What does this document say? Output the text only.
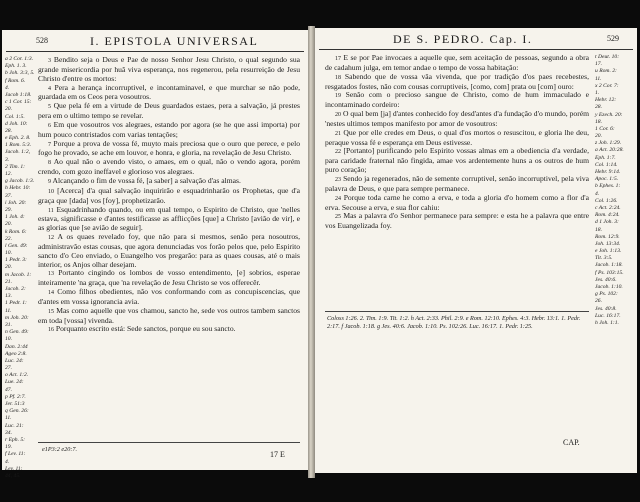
528	I. EPISTOLA UNIVERSAL
a 2 Cor. 1:3.
Eph. 1. 3.
b Joh. 3:3, 5.
f Rom. 6.
4.
Jacob 1:18.
c 1 Cor. 15:
20.
Col. 1:5.
d Joh. 10:
28.
e Eph. 2. 8.
1 Rom. 5:3.
Jacob. 1:2,
3.
2 Tim. 1:
12.
g Jacob. 1:3.
h Hebr. 10:
37.
i Joh. 20:
29.
1 Joh. 4:
20.
k Rom. 6:
22.
l Gen. 49:
10.
1 Pedr. 3:
20.
m Jacob. 1:
21.
Jacob. 2:
13.
1 Pedr. 1:
11.
m Joh. 20:
31.
n Gen. 49:
10.
Dan. 2:44
Ageo 2:8.
Luc. 24:
27.
o Act. 1:2.
Lue. 24:
47.
p Pf. 2:7.
Jer. 51:3
q Gen. 26:
11.
Luc. 21:
34.
r Eph. 5:
19.
f Lev. 11:
4.
Lev. 11:
44, 45.

3 Bendito seja o Deus e Pae de nosso Senhor Jesu Christo, o qual segundo sua grande misericordia por huã viva esperança, nos regenerou, pela resurreição de Jesu Christo d'entre os mortos:

4 Pera a herança incorruptivel, e incontaminavel, e que murchar se não pode, guardada em os Ceos pera vosoutros.

5 Que pela fé em a virtude de Deus guardados estaes, pera a salvação, já prestes pera em o ultimo tempo se revelar.

6 Em que vosoutros vos alegraes, estando por agora (se he que assi importa) por hum pouco contristados com varias tentações;

7 Porque a prova de vossa fé, muyto mais preciosa que o ouro que perece, e pelo fogo he provado, se ache em louvor, e honra, e gloria, na revelação de Jesu Christo.

8 Ao qual não o avendo visto, o amaes, em o qual, não o vendo agora, porém crendo, com gozo ineffavel e glorioso vos alegraes.

9 Alcançando o fim de vossa fé, [a saber] a salvação d'as almas.

10 [Acerca] d'a qual salvação inquirirão e esquadrinharão os Prophetas, que d'a graça que [dada] vos [foy], prophetizarão.

11 Esquadrinhando quando, ou em qual tempo, o Espirito de Christo, que 'nelles estava, significasse e d'antes testificasse as afflicções [que] a Christo [avião de vir], e as glorias que [se avião de seguir].

12 A os quaes revelado foy, que não para si mesmos, senão pera nosoutros, administravão estas cousas, que agora denunciadas vos forão pelos que, pelo Espirito sancto d'o Ceo enviado, o Euangelho vos pregarão: para as quaes cousas, até o mais interior, os Anjos olhar desejam.

13 Portanto cingindo os lombos de vosso entendimento, [e] sobrios, esperae inteiramente 'na graça, que 'na revelação de Jesu Christo se vos offerecêr.

14 Como filhos obedientes, não vos conformando com as concupiscencias, que d'antes em vossa ignorancia avia.

15 Mas como aquelle que vos chamou, sancto he, sede vos outros tambem sanctos em toda [vossa] vivenda.

16 Porquanto escrito está: Sede sanctos, porque eu sou sancto.

e1P3:2 e20:7.
17 E
DE S. PEDRO. Cap. I.	529

17 E se por Pae invocaes a aquelle que, sem aceitação de pessoas, segundo a obra de cadahum julga, em temor andae o tempo de vossa habitação:

18 Sabendo que de vossa vãa vivenda, que por tradição d'os paes recebestes, resgatados fostes, não com cousas corruptiveis, [como, com] prata ou [com] ouro:

19 Senão com o precioso sangue de Christo, como de hum immaculado e incontaminado cordeiro:

20 O qual bem [ja] d'antes conhecido foy desd'antes d'a fundação d'o mundo, porém 'nestes ultimos tempos manifesto por amor de vosoutros:

21 Que por elle credes em Deus, o qual d'os mortos o resuscitou, e gloria lhe deu, peraque vossa fé e esperança em Deus estivesse.

22 [Portanto] purificando pelo Espirito vossas almas em a obediencia d'a verdade, para caridade fraternal não fingida, amae vos ardentemente huns a os outros de hum puro coração;

23 Sendo ja regenerados, não de semente corruptivel, senão incorruptivel, pela viva palavra de Deus, e que para sempre permanece.

24 Porque toda carne he como a erva, e toda a gloria d'o homem como a flor d'a erva. Secouse a erva, e sua flor cahiu:

25 Mas a palavra d'o Senhor permanece para sempre: e esta he a palavra que entre vos Euangelizada foy.

t Deut. 10:
17.
u Rom. 2:
11.
x 2 Cor. 7:
1.
Hebr. 12:
28.
y Ezech. 20:
18.
1 Cor. 6:
20.
z Joh. 1:29.
a Act. 20:28.
Eph. 1:7.
Col. 1:14.
Hebr. 9:14.
Apoc. 1:5.
b Ephes. 1:
4.
Col. 1:26.
c Act. 2:24.
Rom. 4:24.
d 1 Joh. 3:
18.
Rom. 12:9.
Joh. 13:34.
e Joh. 1:13.
Tit. 3:5.
Jacob. 1:18.
f Ps. 103:15.
Jes. 40:6.
Jacob. 1:10.
g Ps. 102:
26.
Jes. 40:8.
Luc. 16:17.
h Joh. 1:1.
Coloss 1:26. 2. Tim. 1:9. Tit. 1:2. h Act. 2:33. Phil. 2:9. e Rom. 12:10. Ephes. 4:3. Hebr. 13:1. 1. Pedr. 2:17. f Jacob. 1:18. g Jes. 40:6. Jacob. 1:10. Ps. 102:26. Luc. 16:17. 1. Pedr. 1:25.
CAP.
